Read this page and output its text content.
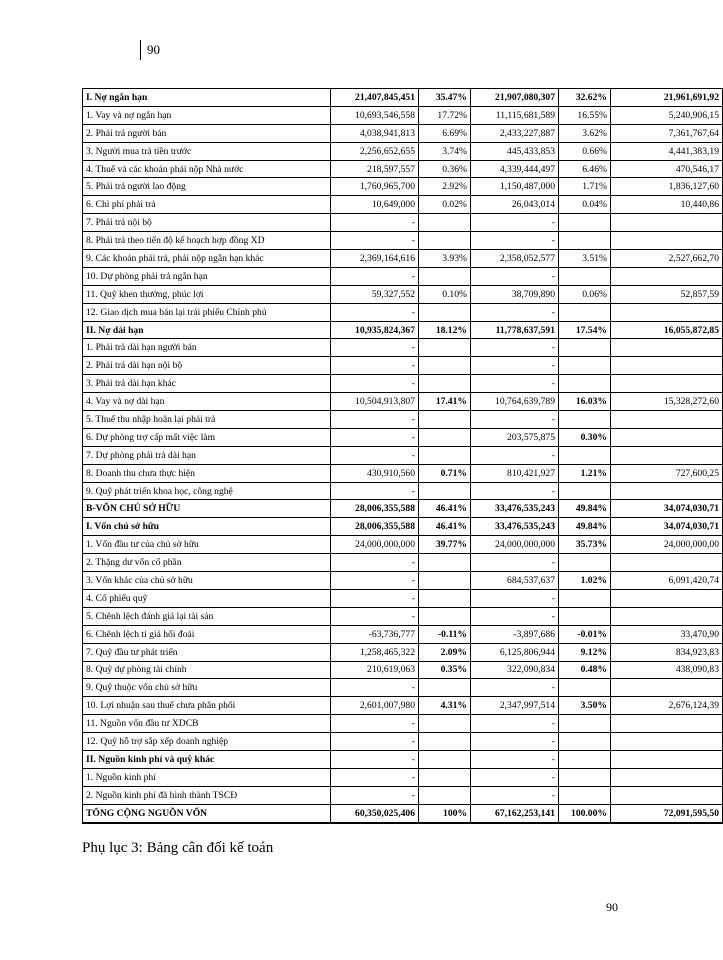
90
I. Nợ ngắn hạn	21,407,845,451	35.47%	21,907,080,307	32.62%	21,961,691,92
1. Vay và nợ ngắn hạn	10,693,546,558	17.72%	11,115,681,589	16.55%	5,240,906,15
2. Phải trả người bán	4,038,941,813	6.69%	2,433,227,887	3.62%	7,361,767,64
3. Người mua trả tiền trước	2,256,652,655	3.74%	445,433,853	0.66%	4,441,383,19
4. Thuế và các khoản phải nộp Nhà nước	218,597,557	0.36%	4,339,444,497	6.46%	470,546,17
5. Phải trả người lao động	1,760,965,700	2.92%	1,150,487,000	1.71%	1,836,127,60
6. Chi phí phải trả	10,649,000	0.02%	26,043,014	0.04%	10,440,86
7. Phải trả nội bộ	-		-		
8. Phải trả theo tiến độ kế hoạch hợp đồng XD	-		-		
9. Các khoản phải trả, phải nộp ngắn hạn khác	2,369,164,616	3.93%	2,358,052,577	3.51%	2,527,662,70
10. Dự phòng phải trả ngắn hạn	-		-		
11. Quỹ khen thưởng, phúc lợi	59,327,552	0.10%	38,709,890	0.06%	52,857,59
12. Giao dịch mua bán lại trái phiếu Chính phủ	-		-		
II. Nợ dài hạn	10,935,824,367	18.12%	11,778,637,591	17.54%	16,055,872,85
1. Phải trả dài hạn người bán	-		-		
2. Phải trả dài hạn nội bộ	-		-		
3. Phải trả dài hạn khác	-		-		
4. Vay và nợ dài hạn	10,504,913,807	17.41%	10,764,639,789	16.03%	15,328,272,60
5. Thuế thu nhập hoãn lại phải trả	-		-		
6. Dự phòng trợ cấp mất việc làm	-		203,575,875	0.30%	
7. Dự phòng phải trả dài hạn	-		-		
8. Doanh thu chưa thực hiện	430,910,560	0.71%	810,421,927	1.21%	727,600,25
9. Quỹ phát triển khoa học, công nghệ	-		-		
B-VỐN CHỦ SỞ HỮU	28,006,355,588	46.41%	33,476,535,243	49.84%	34,074,030,71
I. Vốn chủ sở hữu	28,006,355,588	46.41%	33,476,535,243	49.84%	34,074,030,71
1. Vốn đầu tư của chủ sở hữu	24,000,000,000	39.77%	24,000,000,000	35.73%	24,000,000,00
2. Thặng dư vốn cổ phần	-		-		
3. Vốn khác của chủ sở hữu	-		684,537,637	1.02%	6,091,420,74
4. Cổ phiếu quỹ	-		-		
5. Chênh lệch đánh giá lại tài sản	-		-		
6. Chênh lệch tỉ giá hối đoái	-63,736,777	-0.11%	-3,897,686	-0.01%	33,470,90
7. Quỹ đầu tư phát triển	1,258,465,322	2.09%	6,125,806,944	9.12%	834,923,83
8. Quỹ dự phòng tài chính	210,619,063	0.35%	322,090,834	0.48%	438,090,83
9. Quỹ thuộc vốn chủ sở hữu	-		-		
10. Lợi nhuận sau thuế chưa phân phối	2,601,007,980	4.31%	2,347,997,514	3.50%	2,676,124,39
11. Nguồn vốn đầu tư XDCB	-		-		
12. Quỹ hỗ trợ sắp xếp doanh nghiệp	-		-		
II. Nguồn kinh phí và quỹ khác	-		-		
1. Nguồn kinh phí	-		-		
2. Nguồn kinh phí đã hình thành TSCĐ	-		-		
TỔNG CỘNG NGUỒN VỐN	60,350,025,406	100%	67,162,253,141	100.00%	72,091,595,50
Phụ lục 3: Bảng cân đối kế toán
90
